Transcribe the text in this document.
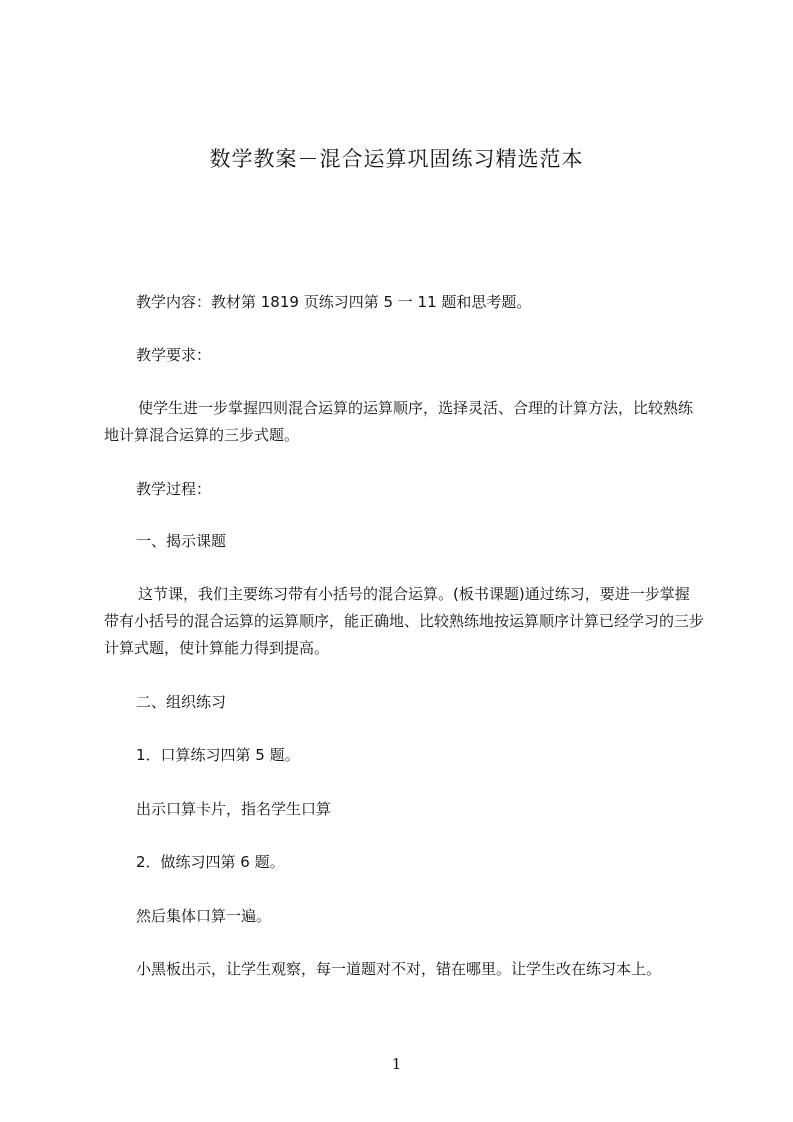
数学教案－混合运算巩固练习精选范本
教学内容：教材第 1819 页练习四第 5 一 11 题和思考题。
教学要求：
使学生进一步掌握四则混合运算的运算顺序，选择灵活、合理的计算方法，比较熟练地计算混合运算的三步式题。
教学过程：
一、揭示课题
这节课，我们主要练习带有小括号的混合运算。(板书课题)通过练习，要进一步掌握带有小括号的混合运算的运算顺序，能正确地、比较熟练地按运算顺序计算已经学习的三步计算式题，使计算能力得到提高。
二、组织练习
1．口算练习四第 5 题。
出示口算卡片，指名学生口算
2．做练习四第 6 题。
然后集体口算一遍。
小黑板出示，让学生观察，每一道题对不对，错在哪里。让学生改在练习本上。
1
